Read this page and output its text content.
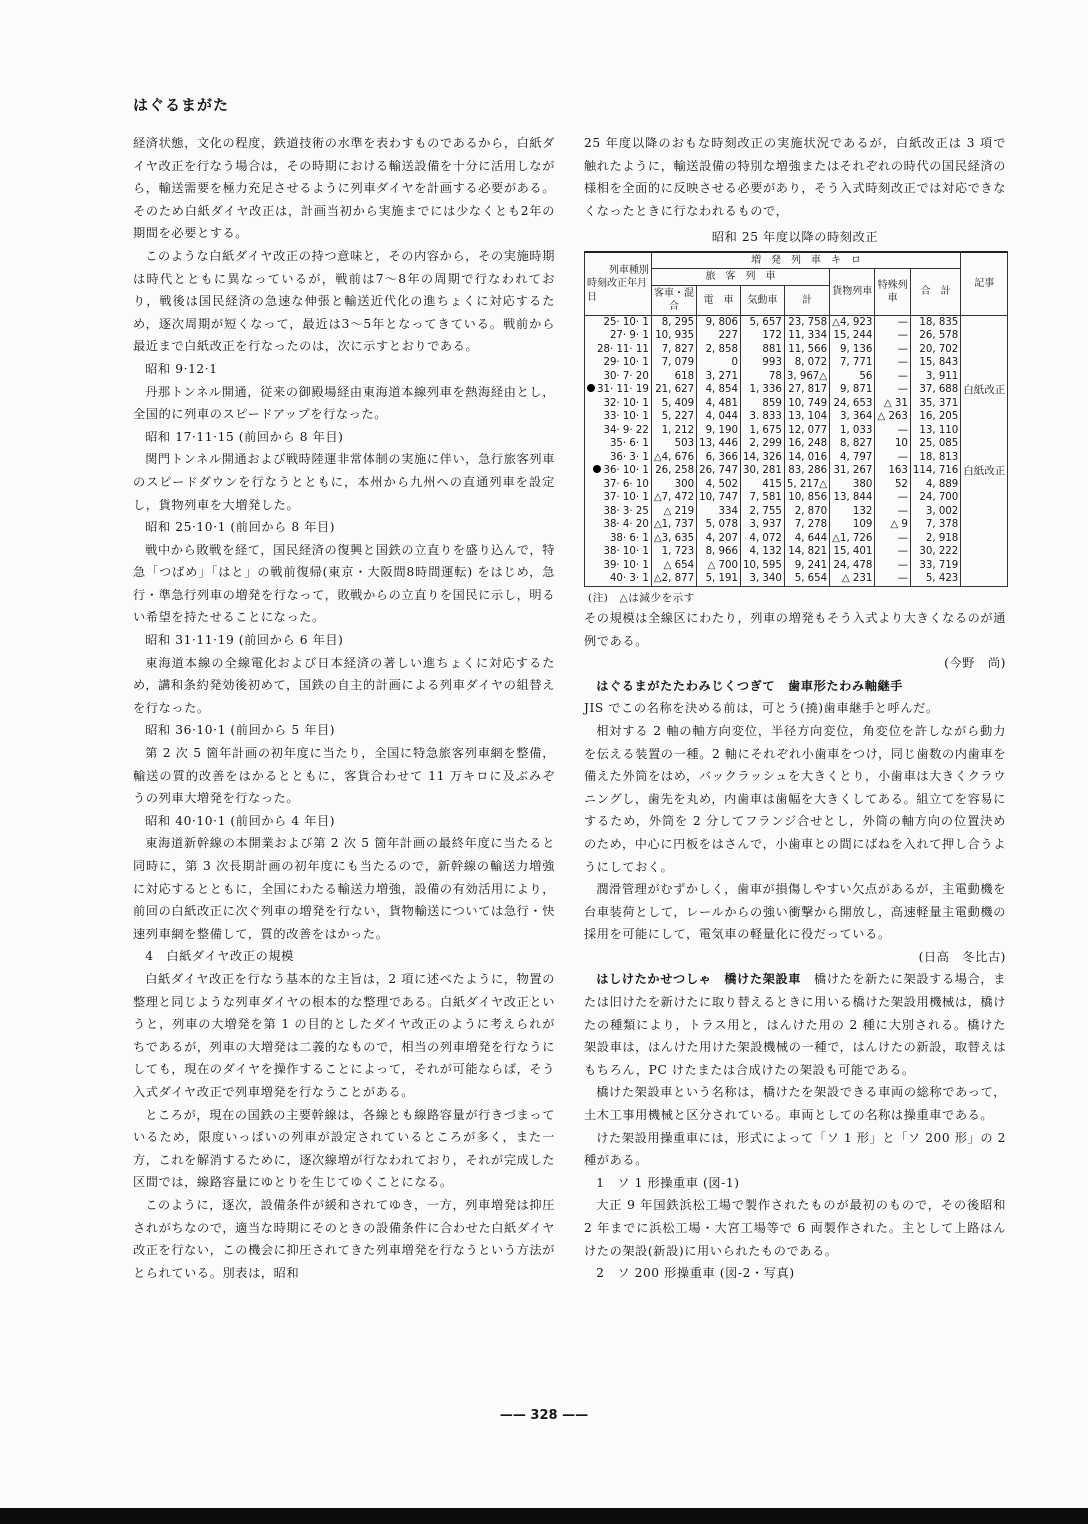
はぐるまがた

経済状態，文化の程度，鉄道技術の水準を表わすものであるから，白紙ダイヤ改正を行なう場合は，その時期における輸送設備を十分に活用しながら，輸送需要を極力充足させるように列車ダイヤを計画する必要がある。そのため白紙ダイヤ改正は，計画当初から実施までには少なくとも2年の期間を必要とする。

このような白紙ダイヤ改正の持つ意味と，その内容から，その実施時期は時代とともに異なっているが，戦前は7～8年の周期で行なわれており，戦後は国民経済の急速な伸張と輸送近代化の進ちょくに対応するため，逐次周期が短くなって，最近は3～5年となってきている。戦前から最近まで白紙改正を行なったのは，次に示すとおりである。

昭和 9·12·1

丹那トンネル開通，従来の御殿場経由東海道本線列車を熱海経由とし，全国的に列車のスピードアップを行なった。

昭和 17·11·15 (前回から 8 年目)

関門トンネル開通および戦時陸運非常体制の実施に伴い，急行旅客列車のスピードダウンを行なうとともに，本州から九州への直通列車を設定し，貨物列車を大増発した。

昭和 25·10·1 (前回から 8 年目)

戦中から敗戦を経て，国民経済の復興と国鉄の立直りを盛り込んで，特急「つばめ」「はと」の戦前復帰(東京・大阪間8時間運転) をはじめ，急行・準急行列車の増発を行なって，敗戦からの立直りを国民に示し，明るい希望を持たせることになった。

昭和 31·11·19 (前回から 6 年目)

東海道本線の全線電化および日本経済の著しい進ちょくに対応するため，講和条約発効後初めて，国鉄の自主的計画による列車ダイヤの組替えを行なった。

昭和 36·10·1 (前回から 5 年目)

第 2 次 5 箇年計画の初年度に当たり，全国に特急旅客列車網を整備，輸送の質的改善をはかるとともに，客貨合わせて 11 万キロに及ぶみぞうの列車大増発を行なった。

昭和 40·10·1 (前回から 4 年目)

東海道新幹線の本開業および第 2 次 5 箇年計画の最終年度に当たると同時に，第 3 次長期計画の初年度にも当たるので，新幹線の輸送力増強に対応するとともに，全国にわたる輸送力増強，設備の有効活用により，前回の白紙改正に次ぐ列車の増発を行ない，貨物輸送については急行・快速列車網を整備して，質的改善をはかった。

4　白紙ダイヤ改正の規模

白紙ダイヤ改正を行なう基本的な主旨は，2 項に述べたように，物置の整理と同じような列車ダイヤの根本的な整理である。白紙ダイヤ改正というと，列車の大増発を第 1 の目的としたダイヤ改正のように考えられがちであるが，列車の大増発は二義的なもので，相当の列車増発を行なうにしても，現在のダイヤを操作することによって，それが可能ならば，そう入式ダイヤ改正で列車増発を行なうことがある。

ところが，現在の国鉄の主要幹線は，各線とも線路容量が行きづまっているため，限度いっぱいの列車が設定されているところが多く，また一方，これを解消するために，逐次線増が行なわれており，それが完成した区間では，線路容量にゆとりを生じてゆくことになる。

このように，逐次，設備条件が緩和されてゆき，一方，列車増発は抑圧されがちなので，適当な時期にそのときの設備条件に合わせた白紙ダイヤ改正を行ない，この機会に抑圧されてきた列車増発を行なうという方法がとられている。別表は，昭和

25 年度以降のおもな時刻改正の実施状況であるが，白紙改正は 3 項で触れたように，輸送設備の特別な増強またはそれぞれの時代の国民経済の様相を全面的に反映させる必要があり，そう入式時刻改正では対応できなくなったときに行なわれるもので，

昭和 25 年度以降の時刻改正
列車種別
時刻改正年月日	増　発　列　車　キ　ロ							記事
	旅　客　列　車				貨物列車	特殊列車	合　計	
	客車・混合	電　車	気動車	計				
25· 10· 1	8, 295	9, 806	5, 657	23, 758	△4, 923	—	18, 835	
27· 9· 1	10, 935	227	172	11, 334	15, 244	—	26, 578	
28· 11· 11	7, 827	2, 858	881	11, 566	9, 136	—	20, 702	
29· 10· 1	7, 079	0	993	8, 072	7, 771	—	15, 843	
30· 7· 20	618	3, 271	78	3, 967△	56	—	3, 911	
31· 11· 19	21, 627	4, 854	1, 336	27, 817	9, 871	—	37, 688	白紙改正
32· 10· 1	5, 409	4, 481	859	10, 749	24, 653	△ 31	35, 371	
33· 10· 1	5, 227	4, 044	3. 833	13, 104	3, 364	△ 263	16, 205	
34· 9· 22	1, 212	9, 190	1, 675	12, 077	1, 033	—	13, 110	
35· 6· 1	503	13, 446	2, 299	16, 248	8, 827	10	25, 085	
36· 3· 1	△4, 676	6, 366	14, 326	14, 016	4, 797	—	18, 813	
36· 10· 1	26, 258	26, 747	30, 281	83, 286	31, 267	163	114, 716	白紙改正
37· 6· 10	300	4, 502	415	5, 217△	380	52	4, 889	
37· 10· 1	△7, 472	10, 747	7, 581	10, 856	13, 844	—	24, 700	
38· 3· 25	△ 219	334	2, 755	2, 870	132	—	3, 002	
38· 4· 20	△1, 737	5, 078	3, 937	7, 278	109	△ 9	7, 378	
38· 6· 1	△3, 635	4, 207	4, 072	4, 644	△1, 726	—	2, 918	
38· 10· 1	1, 723	8, 966	4, 132	14, 821	15, 401	—	30, 222	
39· 10· 1	△ 654	△ 700	10, 595	9, 241	24, 478	—	33, 719	
40· 3· 1	△2, 877	5, 191	3, 340	5, 654	△ 231	—	5, 423	
(注)　△は減少を示す

その規模は全線区にわたり，列車の増発もそう入式より大きくなるのが通例である。

(今野　尚)

はぐるまがたたわみじくつぎて　歯車形たわみ軸継手

JIS でこの名称を決める前は，可とう(撓)歯車継手と呼んだ。

相対する 2 軸の軸方向変位，半径方向変位，角変位を許しながら動力を伝える装置の一種。2 軸にそれぞれ小歯車をつけ，同じ歯数の内歯車を備えた外筒をはめ，バックラッシュを大きくとり，小歯車は大きくクラウニングし，歯先を丸め，内歯車は歯幅を大きくしてある。組立てを容易にするため，外筒を 2 分してフランジ合せとし，外筒の軸方向の位置決めのため，中心に円板をはさんで，小歯車との間にばねを入れて押し合うようにしておく。

潤滑管理がむずかしく，歯車が損傷しやすい欠点があるが，主電動機を台車装荷として，レールからの強い衝撃から開放し，高速軽量主電動機の採用を可能にして，電気車の軽量化に役だっている。

(日高　冬比古)

はしけたかせつしゃ　橋けた架設車　 橋けたを新たに架設する場合，または旧けたを新けたに取り替えるときに用いる橋けた架設用機械は，橋けたの種類により，トラス用と，はんけた用の 2 種に大別される。橋けた架設車は，はんけた用けた架設機械の一種で，はんけたの新設，取替えはもちろん，PC けたまたは合成けたの架設も可能である。

橋けた架設車という名称は，橋けたを架設できる車両の総称であって，土木工事用機械と区分されている。車両としての名称は操重車である。

けた架設用操重車には，形式によって「ソ 1 形」と「ソ 200 形」の 2 種がある。

1　ソ 1 形操重車 (図-1)

大正 9 年国鉄浜松工場で製作されたものが最初のもので，その後昭和 2 年までに浜松工場・大宮工場等で 6 両製作された。主として上路はんけたの架設(新設)に用いられたものである。

2　ソ 200 形操重車 (図-2・写真)

—— 328 ——
